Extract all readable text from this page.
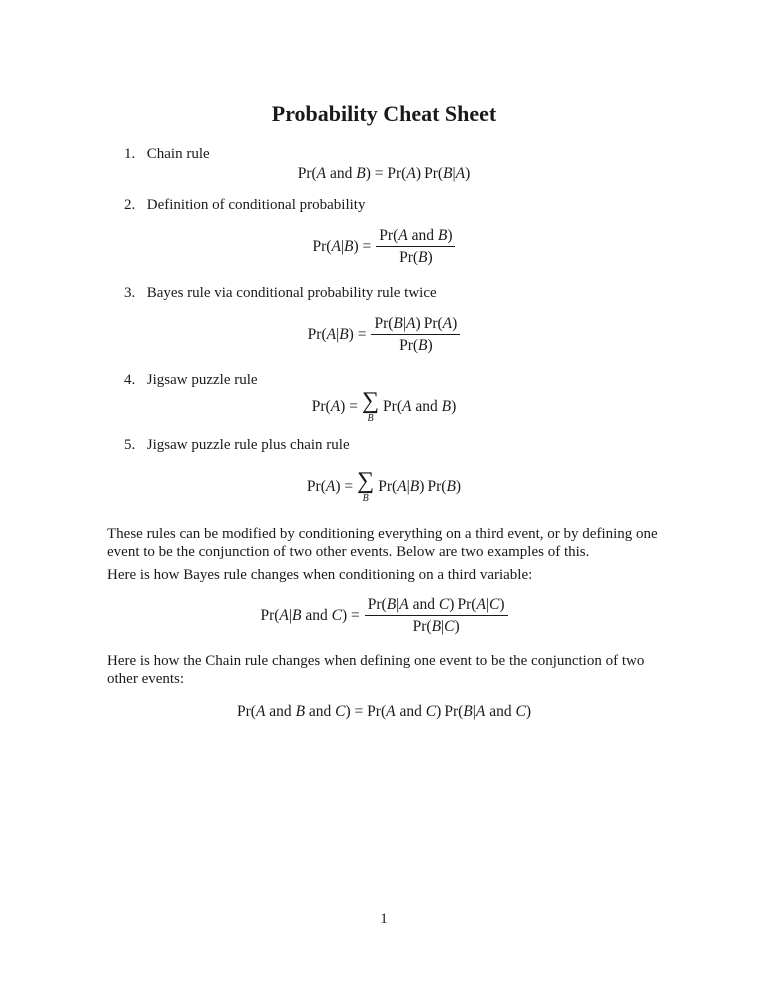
Probability Cheat Sheet
1. Chain rule
Pr( A and B ) = Pr( A ) Pr( B | A )
2. Definition of conditional probability
Pr( A | B ) = $\frac{\text{Pr(A and B)}}{Pr(B)}$
3. Bayes rule via conditional probability rule twice
Pr( A | B ) = $\frac{Pr(B|A) Pr(A)}{Pr(B)}$
4. Jigsaw puzzle rule
Pr( A ) = ∑
B
Pr( A and B )
5. Jigsaw puzzle rule plus chain rule
Pr( A ) = ∑
B
Pr( A | B ) Pr( B )

These rules can be modified by conditioning everything on a third event, or by defining one event to be the conjunction of two other events. Below are two examples of this.

Here is how Bayes rule changes when conditioning on a third variable:

Pr( A | B and C ) = $\frac{\text{Pr(B|A and C) Pr(A|C)}}{Pr(B|C)}$

Here is how the Chain rule changes when defining one event to be the conjunction of two other events:

Pr( A and B and C ) = Pr( A and C ) Pr( B | A and C )
1
